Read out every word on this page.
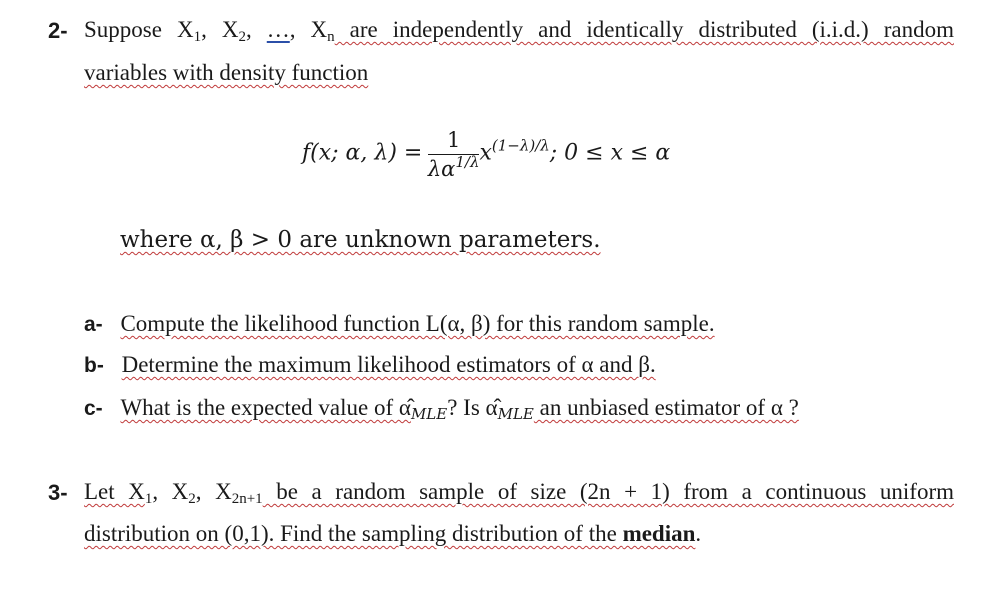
2- Suppose $X_1$, $X_2$, …, $X_n$ are independently and identically distributed (i.i.d.) random
variables with density function
f(x; α, $\lambda) = \frac{1}{\lambda\alpha^{1/\lambda}} x^{(1-\lambda)/\lambda}$; 0 ≤ x ≤ α
where α, β > 0 are unknown parameters.
a- Compute the likelihood function L(α, β) for this random sample.
b- Determine the maximum likelihood estimators of α and β.
c- What is the expected value of $\alphâ_{MLE}$? Is $\alphâ_{MLE}$ an unbiased estimator of α ?
3- Let $X_1$, $X_2$, $X_{2n+1}$ be a random sample of size (2n + 1) from a continuous uniform
distribution on (0,1). Find the sampling distribution of the median.
